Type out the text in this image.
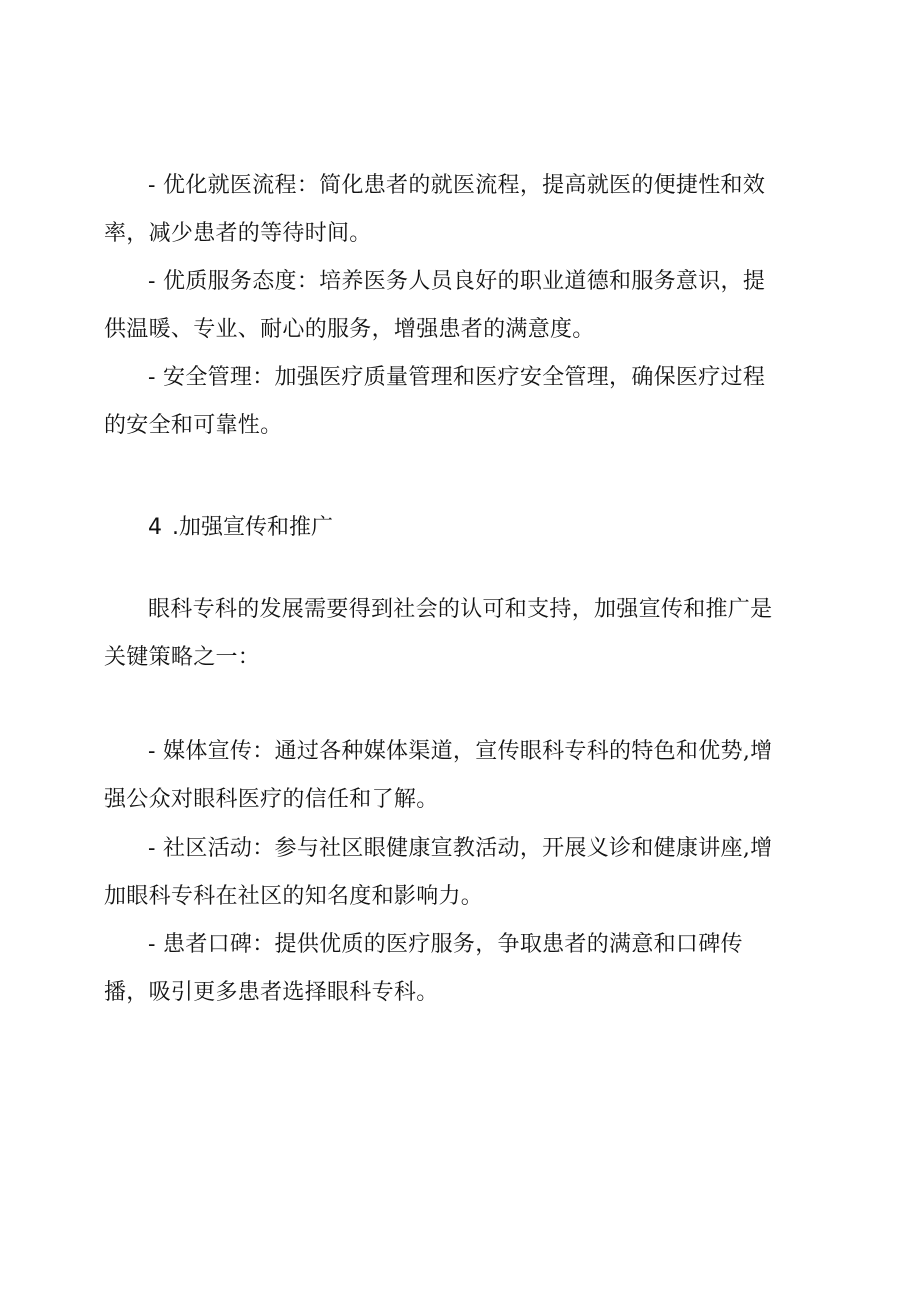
- 优化就医流程：简化患者的就医流程，提高就医的便捷性和效
率，减少患者的等待时间。
- 优质服务态度：培养医务人员良好的职业道德和服务意识，提
供温暖、专业、耐心的服务，增强患者的满意度。
- 安全管理：加强医疗质量管理和医疗安全管理，确保医疗过程
的安全和可靠性。
4 .加强宣传和推广
眼科专科的发展需要得到社会的认可和支持，加强宣传和推广是
关键策略之一：
- 媒体宣传：通过各种媒体渠道，宣传眼科专科的特色和优势,增
强公众对眼科医疗的信任和了解。
- 社区活动：参与社区眼健康宣教活动，开展义诊和健康讲座,增
加眼科专科在社区的知名度和影响力。
- 患者口碑：提供优质的医疗服务，争取患者的满意和口碑传
播，吸引更多患者选择眼科专科。
